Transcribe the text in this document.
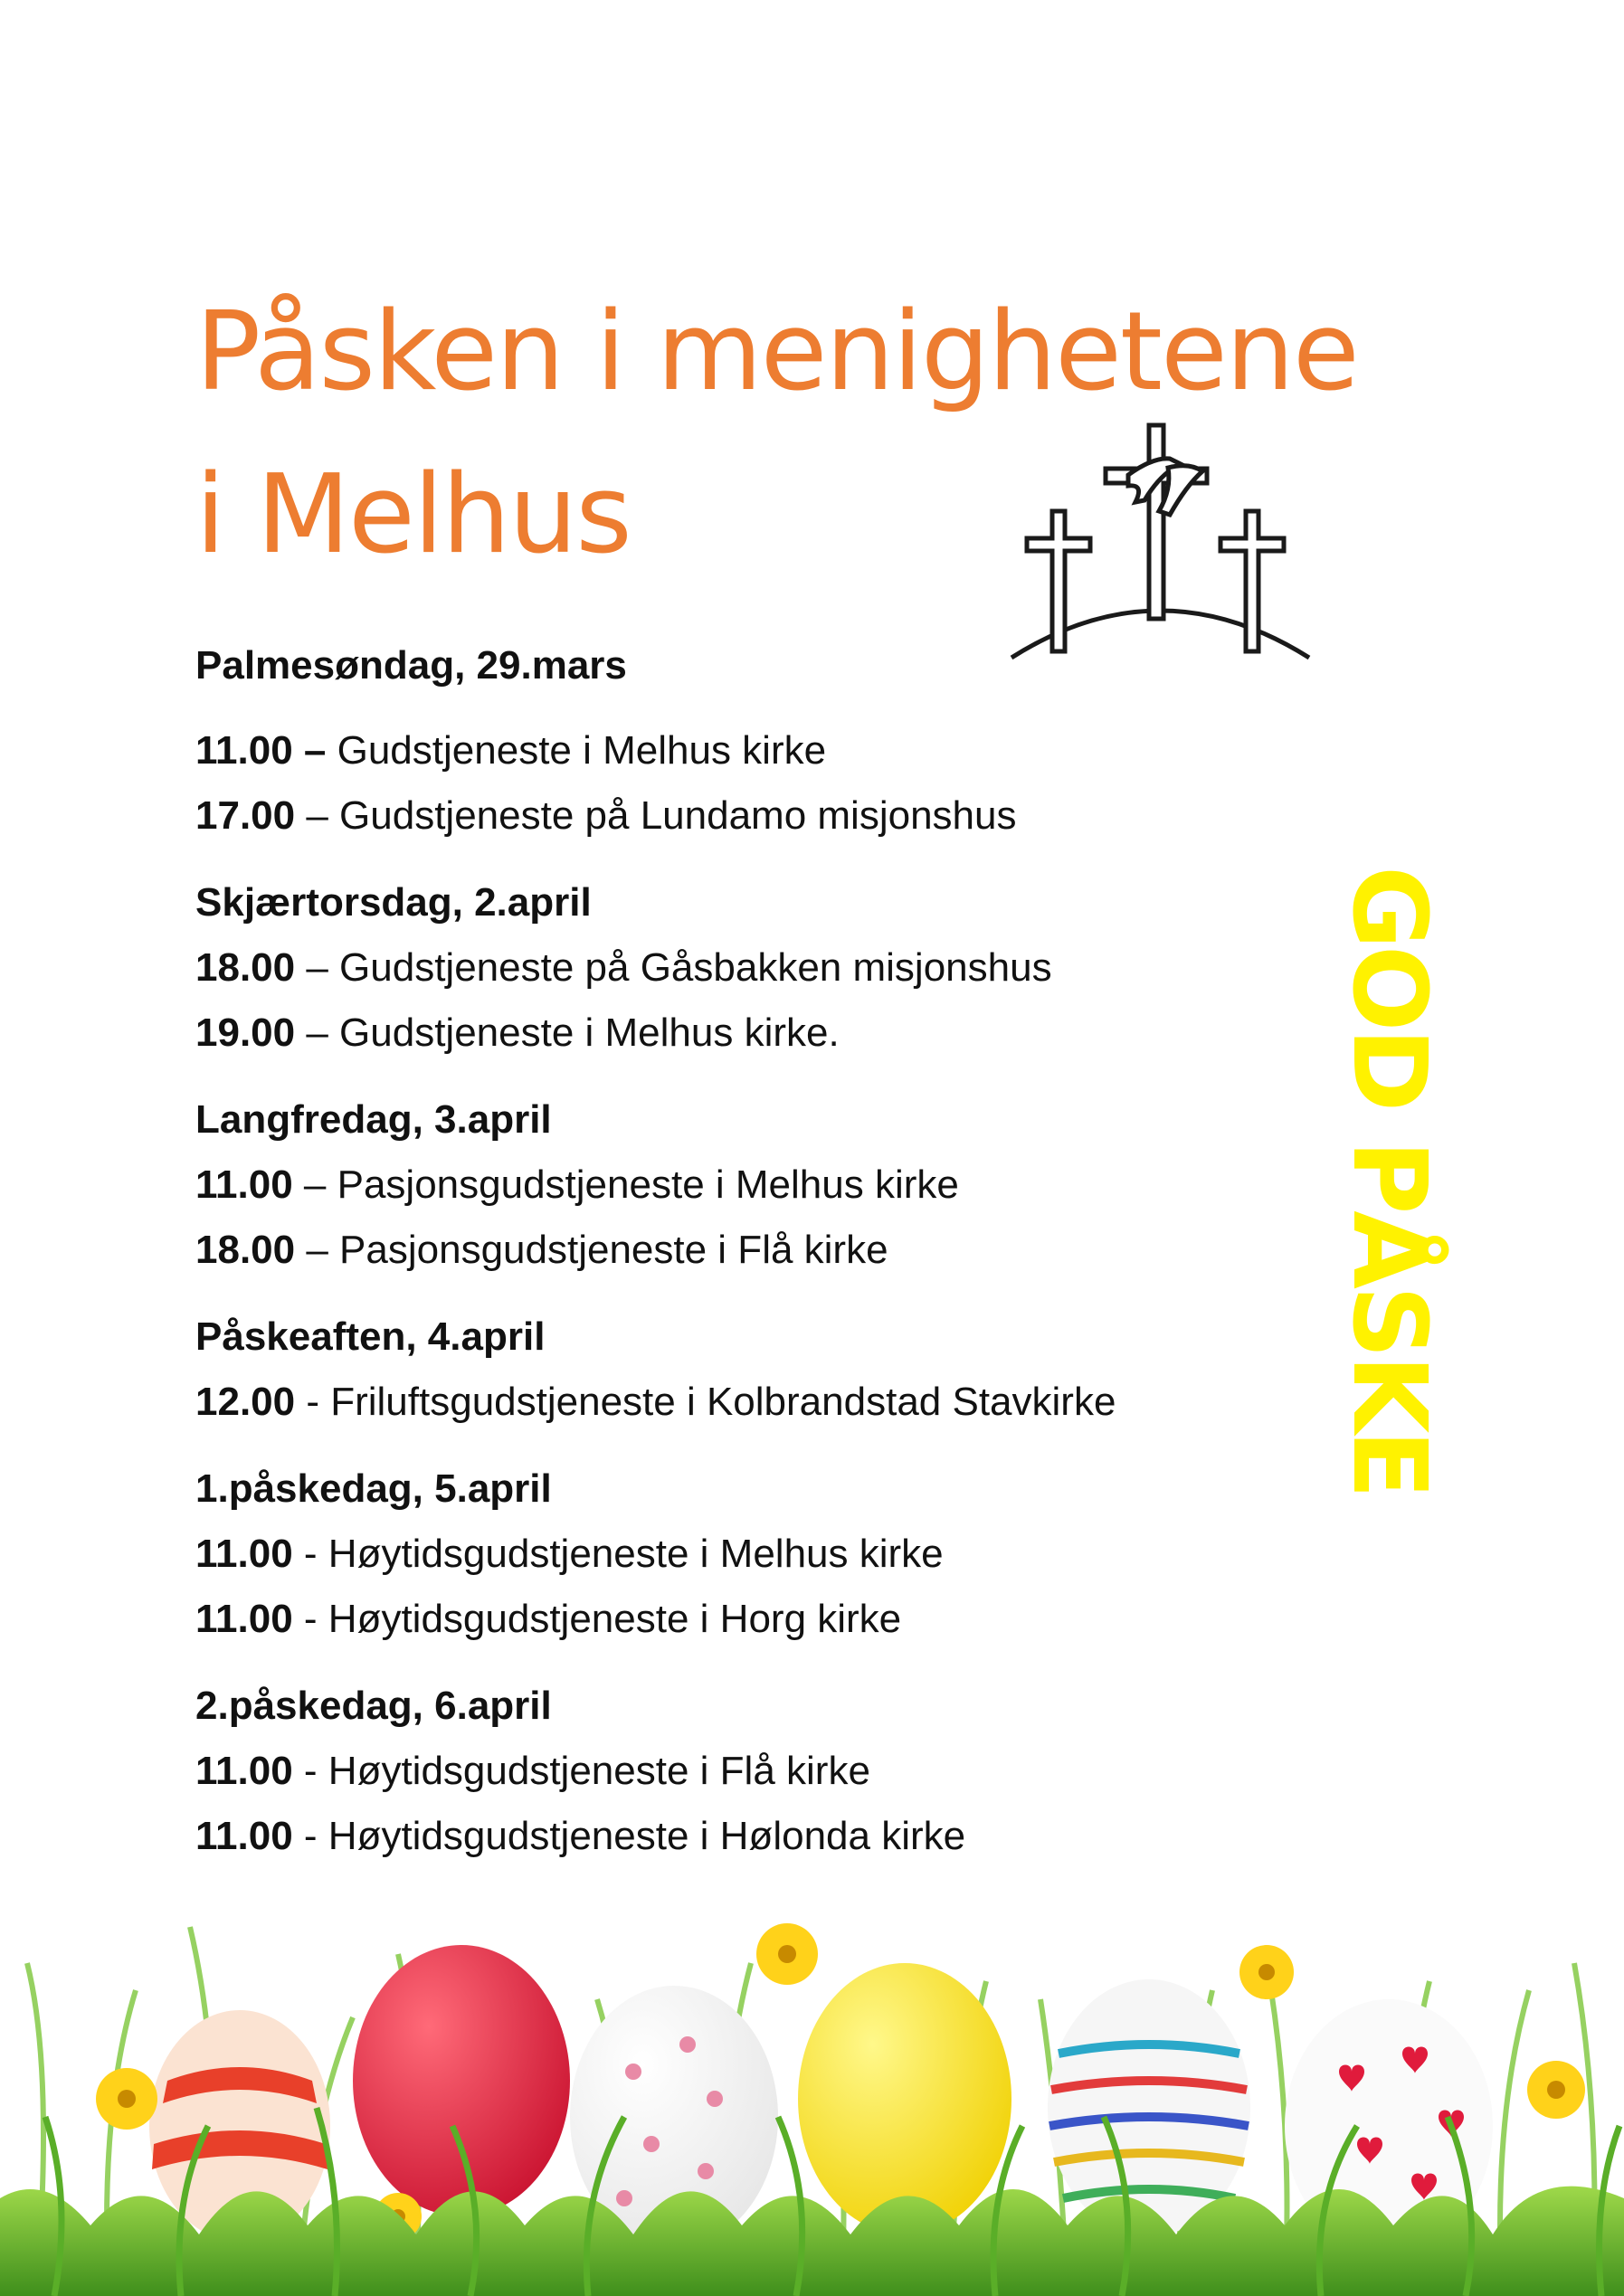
Påsken i menighetene
i Melhus
Palmesøndag, 29.mars
11.00 – Gudstjeneste i Melhus kirke
17.00 – Gudstjeneste på Lundamo misjonshus
Skjærtorsdag, 2.april
18.00 – Gudstjeneste på Gåsbakken misjonshus
19.00 – Gudstjeneste i Melhus kirke.
Langfredag, 3.april
11.00 – Pasjonsgudstjeneste i Melhus kirke
18.00 – Pasjonsgudstjeneste i Flå kirke
Påskeaften, 4.april
12.00 - Friluftsgudstjeneste i Kolbrandstad Stavkirke
1.påskedag, 5.april
11.00 - Høytidsgudstjeneste i Melhus kirke
11.00 - Høytidsgudstjeneste i Horg kirke
2.påskedag, 6.april
11.00 - Høytidsgudstjeneste i Flå kirke
11.00 - Høytidsgudstjeneste i Hølonda kirke
GOD PÅSKE
